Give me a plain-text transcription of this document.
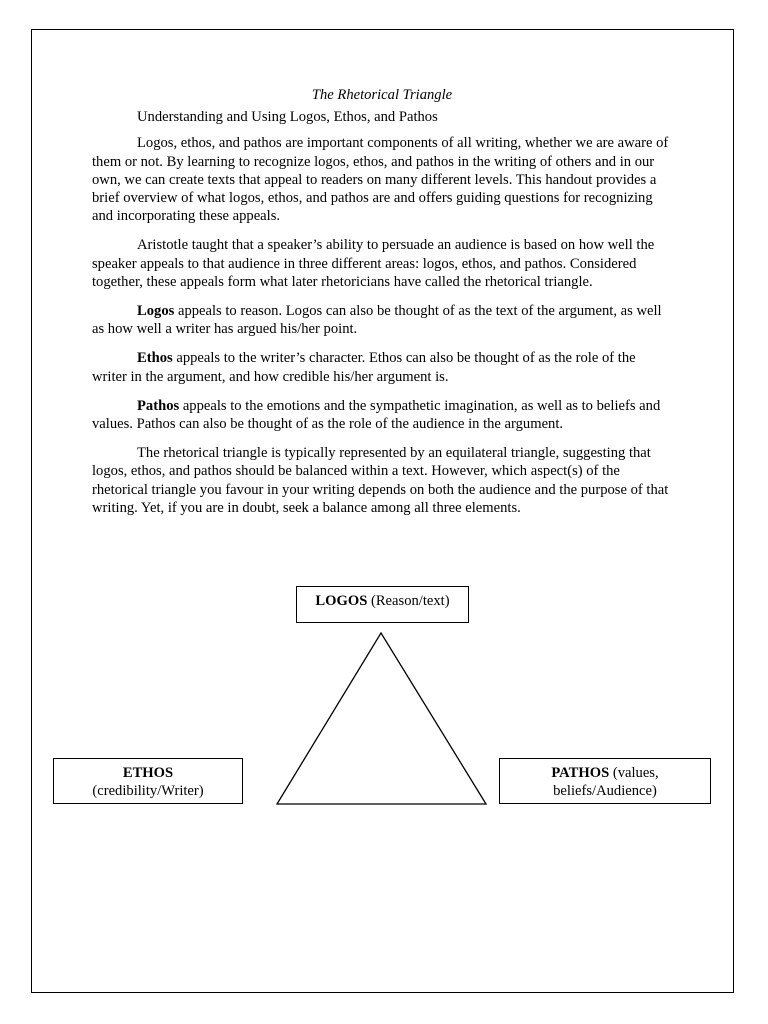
The Rhetorical Triangle

Understanding and Using Logos, Ethos, and Pathos

Logos, ethos, and pathos are important components of all writing, whether we are aware of them or not. By learning to recognize logos, ethos, and pathos in the writing of others and in our own, we can create texts that appeal to readers on many different levels. This handout provides a brief overview of what logos, ethos, and pathos are and offers guiding questions for recognizing and incorporating these appeals.

Aristotle taught that a speaker’s ability to persuade an audience is based on how well the speaker appeals to that audience in three different areas: logos, ethos, and pathos. Considered together, these appeals form what later rhetoricians have called the rhetorical triangle.

Logos appeals to reason. Logos can also be thought of as the text of the argument, as well as how well a writer has argued his/her point.

Ethos appeals to the writer’s character. Ethos can also be thought of as the role of the writer in the argument, and how credible his/her argument is.

Pathos appeals to the emotions and the sympathetic imagination, as well as to beliefs and values. Pathos can also be thought of as the role of the audience in the argument.

The rhetorical triangle is typically represented by an equilateral triangle, suggesting that logos, ethos, and pathos should be balanced within a text. However, which aspect(s) of the rhetorical triangle you favour in your writing depends on both the audience and the purpose of that writing. Yet, if you are in doubt, seek a balance among all three elements.

LOGOS (Reason/text)
ETHOS
(credibility/Writer)
PATHOS (values,
beliefs/Audience)
